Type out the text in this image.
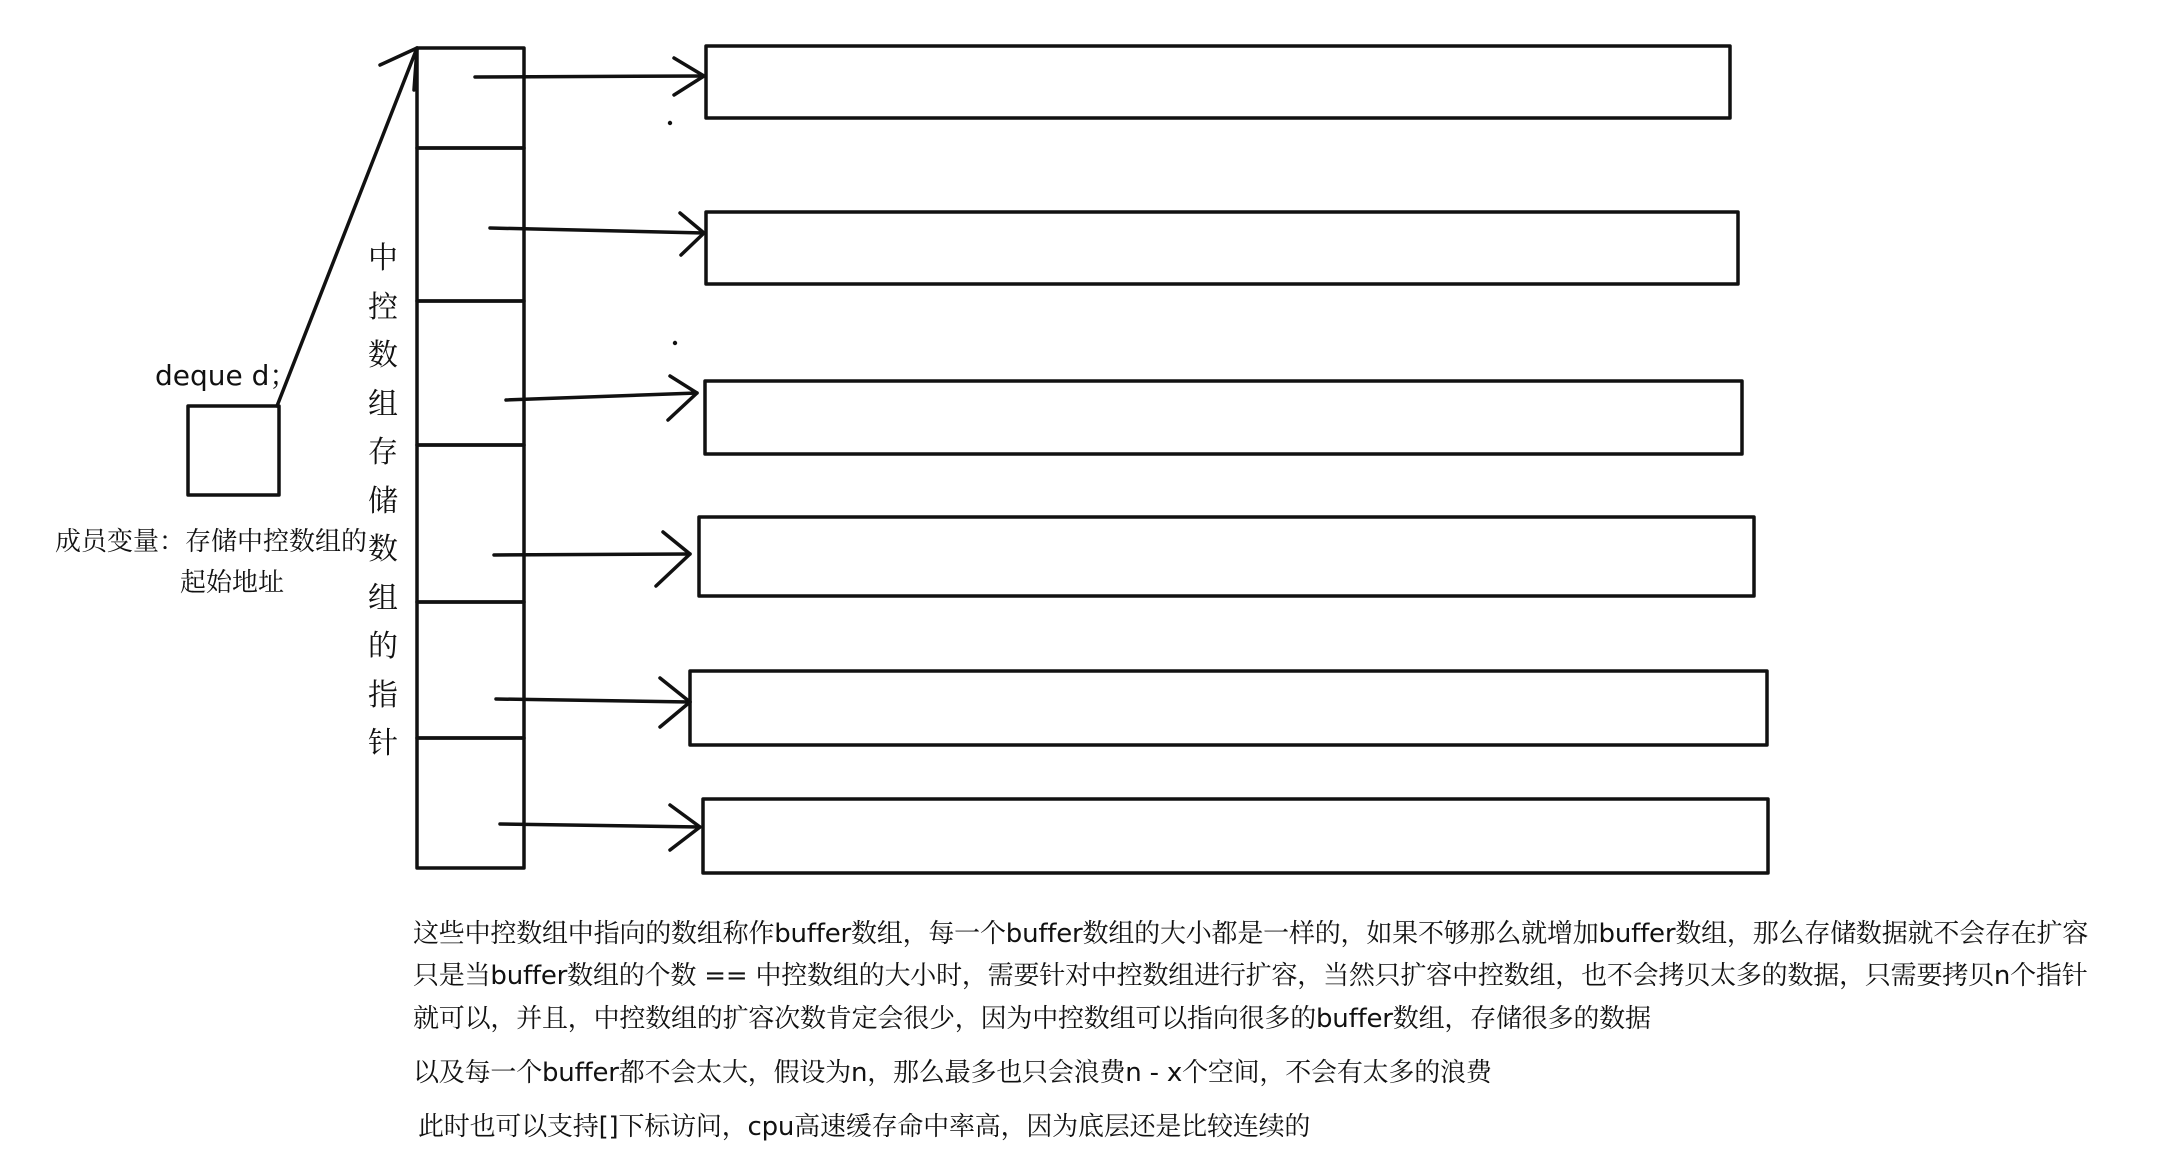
deque d；
成员变量：存储中控数组的
起始地址
中
控
数
组
存
储
数
组
的
指
针
这些中控数组中指向的数组称作buffer数组，每一个buffer数组的大小都是一样的，如果不够那么就增加buffer数组，那么存储数据就不会存在扩容
只是当buffer数组的个数 == 中控数组的大小时，需要针对中控数组进行扩容，当然只扩容中控数组，也不会拷贝太多的数据，只需要拷贝n个指针
就可以，并且，中控数组的扩容次数肯定会很少，因为中控数组可以指向很多的buffer数组，存储很多的数据
以及每一个buffer都不会太大，假设为n，那么最多也只会浪费n - x个空间，不会有太多的浪费
此时也可以支持[]下标访问，cpu高速缓存命中率高，因为底层还是比较连续的
